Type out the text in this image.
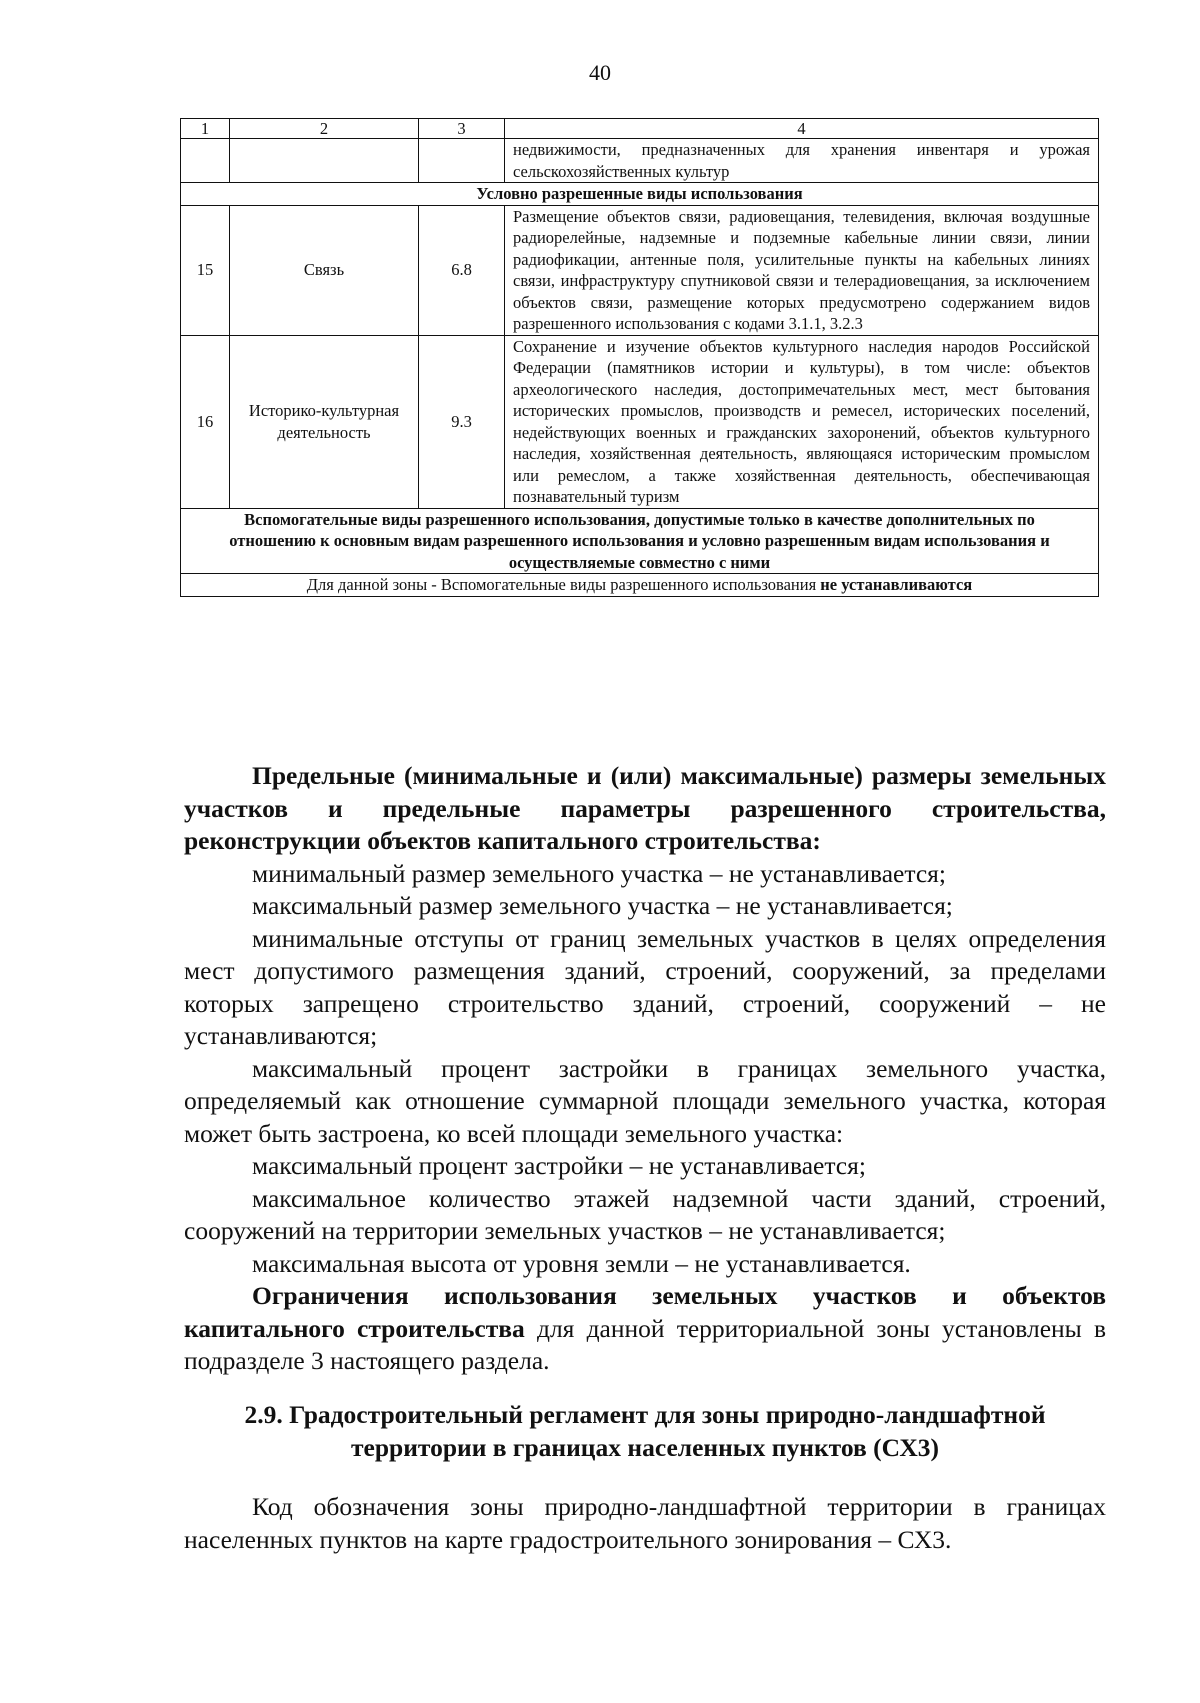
40
1	2	3	4
			недвижимости, предназначенных для хранения инвентаря и урожая сельскохозяйственных культур
Условно разрешенные виды использования			
15	Связь	6.8	Размещение объектов связи, радиовещания, телевидения, включая воздушные радиорелейные, надземные и подземные кабельные линии связи, линии радиофикации, антенные поля, усилительные пункты на кабельных линиях связи, инфраструктуру спутниковой связи и телерадиовещания, за исключением объектов связи, размещение которых предусмотрено содержанием видов разрешенного использования с кодами 3.1.1, 3.2.3
16	Историко-культурная деятельность	9.3	Сохранение и изучение объектов культурного наследия народов Российской Федерации (памятников истории и культуры), в том числе: объектов археологического наследия, достопримечательных мест, мест бытования исторических промыслов, производств и ремесел, исторических поселений, недействующих военных и гражданских захоронений, объектов культурного наследия, хозяйственная деятельность, являющаяся историческим промыслом или ремеслом, а также хозяйственная деятельность, обеспечивающая познавательный туризм
Вспомогательные виды разрешенного использования, допустимые только в качестве дополнительных по отношению к основным видам разрешенного использования и условно разрешенным видам использования и осуществляемые совместно с ними			
Для данной зоны - Вспомогательные виды разрешенного использования не устанавливаются			

Предельные (минимальные и (или) максимальные) размеры земельных участков и предельные параметры разрешенного строительства, реконструкции объектов капитального строительства:

минимальный размер земельного участка – не устанавливается;

максимальный размер земельного участка – не устанавливается;

минимальные отступы от границ земельных участков в целях определения мест допустимого размещения зданий, строений, сооружений, за пределами которых запрещено строительство зданий, строений, сооружений – не устанавливаются;

максимальный процент застройки в границах земельного участка, определяемый как отношение суммарной площади земельного участка, которая может быть застроена, ко всей площади земельного участка:

максимальный процент застройки – не устанавливается;

максимальное количество этажей надземной части зданий, строений, сооружений на территории земельных участков – не устанавливается;

максимальная высота от уровня земли – не устанавливается.

Ограничения использования земельных участков и объектов капитального строительства для данной территориальной зоны установлены в подразделе 3 настоящего раздела.

2.9. Градостроительный регламент для зоны природно-ландшафтной территории в границах населенных пунктов (СХ3)

Код обозначения зоны природно-ландшафтной территории в границах населенных пунктов на карте градостроительного зонирования – СХ3.
